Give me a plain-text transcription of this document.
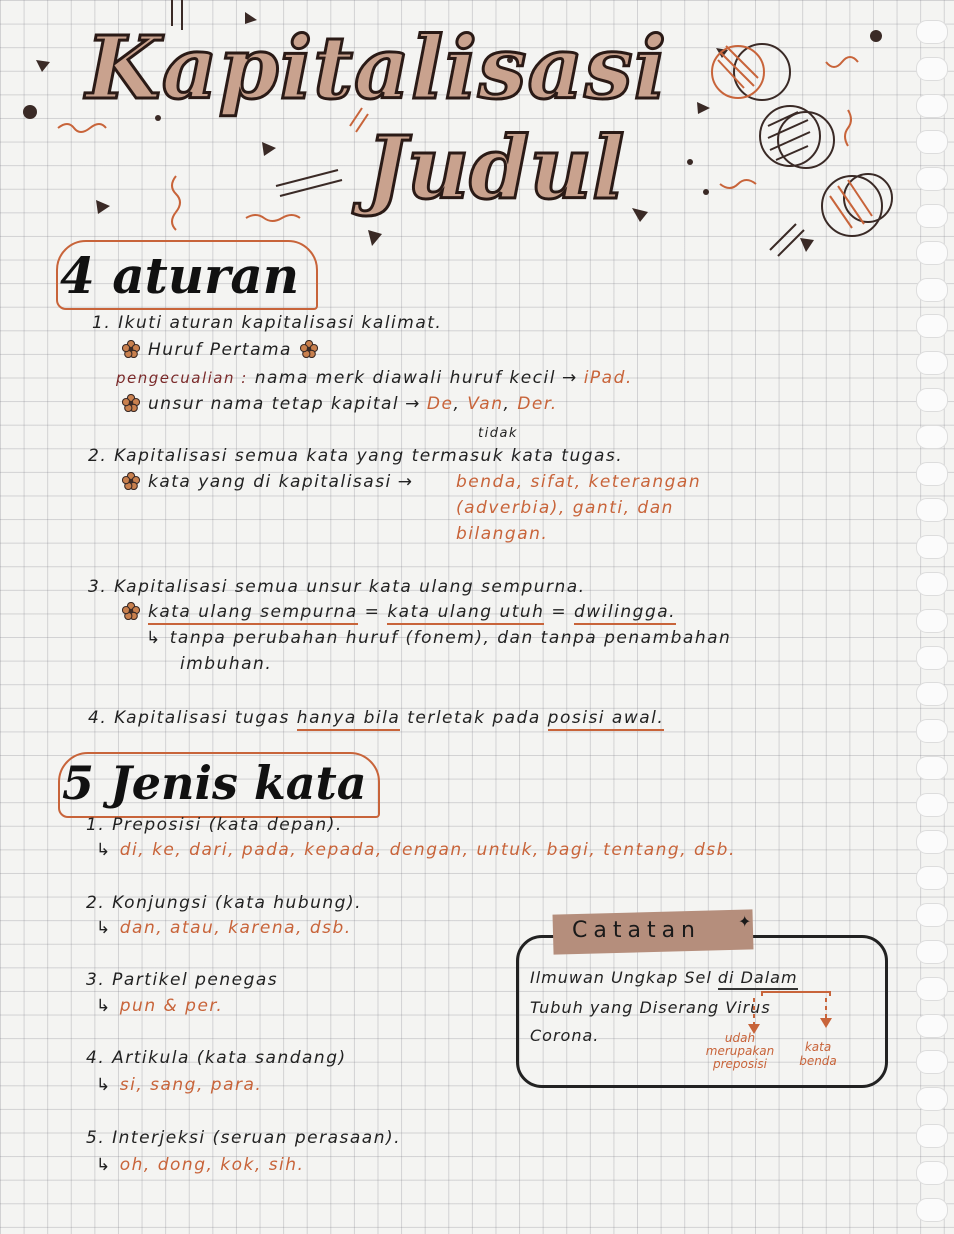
Kapitalisasi
Judul
4 aturan
1. Ikuti aturan kapitalisasi kalimat.
Huruf Pertama
pengecualian : nama merk diawali huruf kecil → iPad.
unsur nama tetap kapital → De, Van, Der.
tidak
2. Kapitalisasi semua kata yang termasuk kata tugas.
kata yang di kapitalisasi →	benda, sifat, keterangan
(adverbia), ganti, dan
bilangan.
3. Kapitalisasi semua unsur kata ulang sempurna.
kata ulang sempurna = kata ulang utuh = dwilingga.
↳ tanpa perubahan huruf (fonem), dan tanpa penambahan
imbuhan.
4. Kapitalisasi tugas hanya bila terletak pada posisi awal.
5 Jenis kata
1. Preposisi (kata depan).
↳ di, ke, dari, pada, kepada, dengan, untuk, bagi, tentang, dsb.
2. Konjungsi (kata hubung).
↳ dan, atau, karena, dsb.
3. Partikel penegas
↳ pun & per.
4. Artikula (kata sandang)
↳ si, sang, para.
5. Interjeksi (seruan perasaan).
↳ oh, dong, kok, sih.
Catatan ✦
Ilmuwan Ungkap Sel di Dalam
Tubuh yang Diserang Virus
Corona.	udah
merupakan
preposisi
kata
benda
